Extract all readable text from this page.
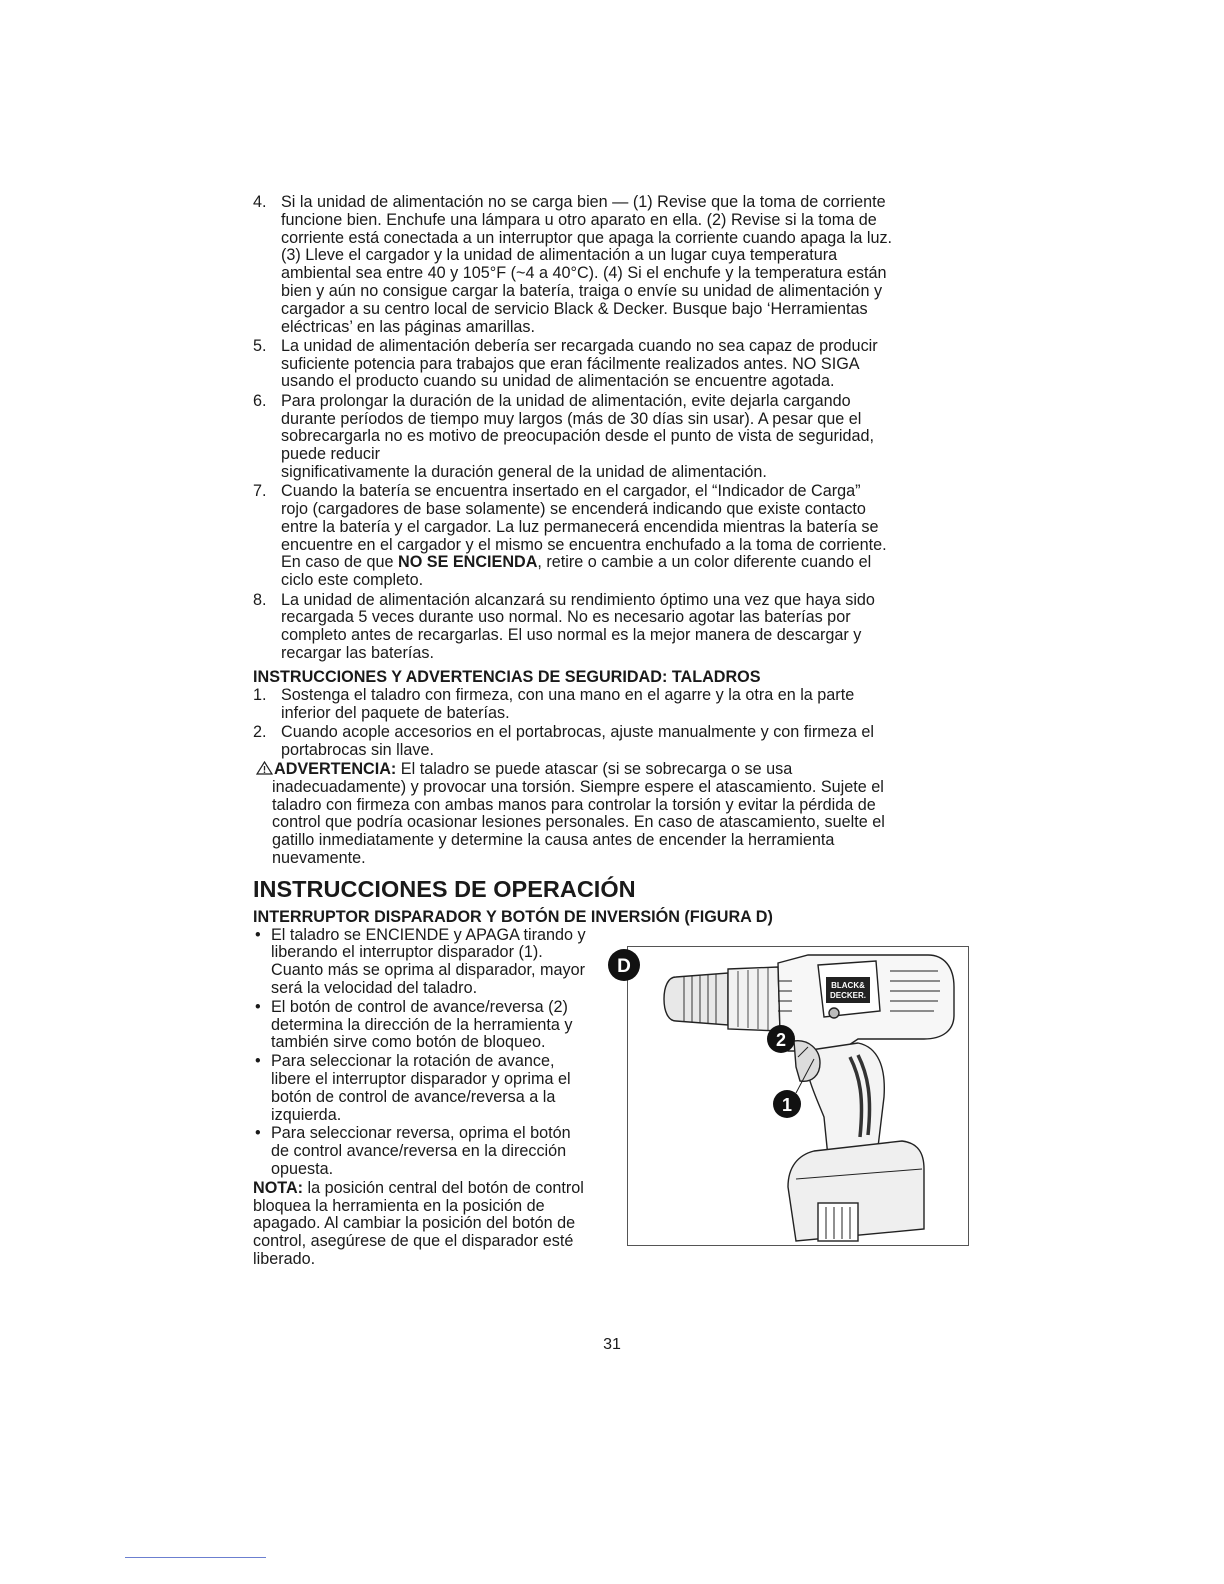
4. Si la unidad de alimentación no se carga bien — (1) Revise que la toma de corriente
funcione bien. Enchufe una lámpara u otro aparato en ella. (2) Revise si la toma de
corriente está conectada a un interruptor que apaga la corriente cuando apaga la luz.
(3) Lleve el cargador y la unidad de alimentación a un lugar cuya temperatura
ambiental sea entre 40 y 105°F (~4 a 40°C). (4) Si el enchufe y la temperatura están
bien y aún no consigue cargar la batería, traiga o envíe su unidad de alimentación y
cargador a su centro local de servicio Black & Decker. Busque bajo ‘Herramientas
eléctricas’ en las páginas amarillas.
5. La unidad de alimentación debería ser recargada cuando no sea capaz de producir
suficiente potencia para trabajos que eran fácilmente realizados antes. NO SIGA
usando el producto cuando su unidad de alimentación se encuentre agotada.
6. Para prolongar la duración de la unidad de alimentación, evite dejarla cargando
durante períodos de tiempo muy largos (más de 30 días sin usar). A pesar que el
sobrecargarla no es motivo de preocupación desde el punto de vista de seguridad,
puede reducir
significativamente la duración general de la unidad de alimentación.
7. Cuando la batería se encuentra insertado en el cargador, el “Indicador de Carga”
rojo (cargadores de base solamente) se encenderá indicando que existe contacto
entre la batería y el cargador. La luz permanecerá encendida mientras la batería se
encuentre en el cargador y el mismo se encuentra enchufado a la toma de corriente.
En caso de que NO SE ENCIENDA, retire o cambie a un color diferente cuando el
ciclo este completo.
8. La unidad de alimentación alcanzará su rendimiento óptimo una vez que haya sido
recargada 5 veces durante uso normal. No es necesario agotar las baterías por
completo antes de recargarlas. El uso normal es la mejor manera de descargar y
recargar las baterías.
INSTRUCCIONES Y ADVERTENCIAS DE SEGURIDAD: TALADROS
1. Sostenga el taladro con firmeza, con una mano en el agarre y la otra en la parte
inferior del paquete de baterías.
2. Cuando acople accesorios en el portabrocas, ajuste manualmente y con firmeza el
portabrocas sin llave.
ADVERTENCIA: El taladro se puede atascar (si se sobrecarga o se usa
inadecuadamente) y provocar una torsión. Siempre espere el atascamiento. Sujete el
taladro con firmeza con ambas manos para controlar la torsión y evitar la pérdida de
control que podría ocasionar lesiones personales. En caso de atascamiento, suelte el
gatillo inmediatamente y determine la causa antes de encender la herramienta
nuevamente.
INSTRUCCIONES DE OPERACIÓN
INTERRUPTOR DISPARADOR Y BOTÓN DE INVERSIÓN (FIGURA D)
• El taladro se ENCIENDE y APAGA tirando y
liberando el interruptor disparador (1).
Cuanto más se oprima al disparador, mayor
será la velocidad del taladro.
• El botón de control de avance/reversa (2)
determina la dirección de la herramienta y
también sirve como botón de bloqueo.
• Para seleccionar la rotación de avance,
libere el interruptor disparador y oprima el
botón de control de avance/reversa a la
izquierda.
• Para seleccionar reversa, oprima el botón
de control avance/reversa en la dirección
opuesta.
NOTA: la posición central del botón de control
bloquea la herramienta en la posición de
apagado. Al cambiar la posición del botón de
control, asegúrese de que el disparador esté
liberado.
BLACK&
DECKER.
D
2
1
31
